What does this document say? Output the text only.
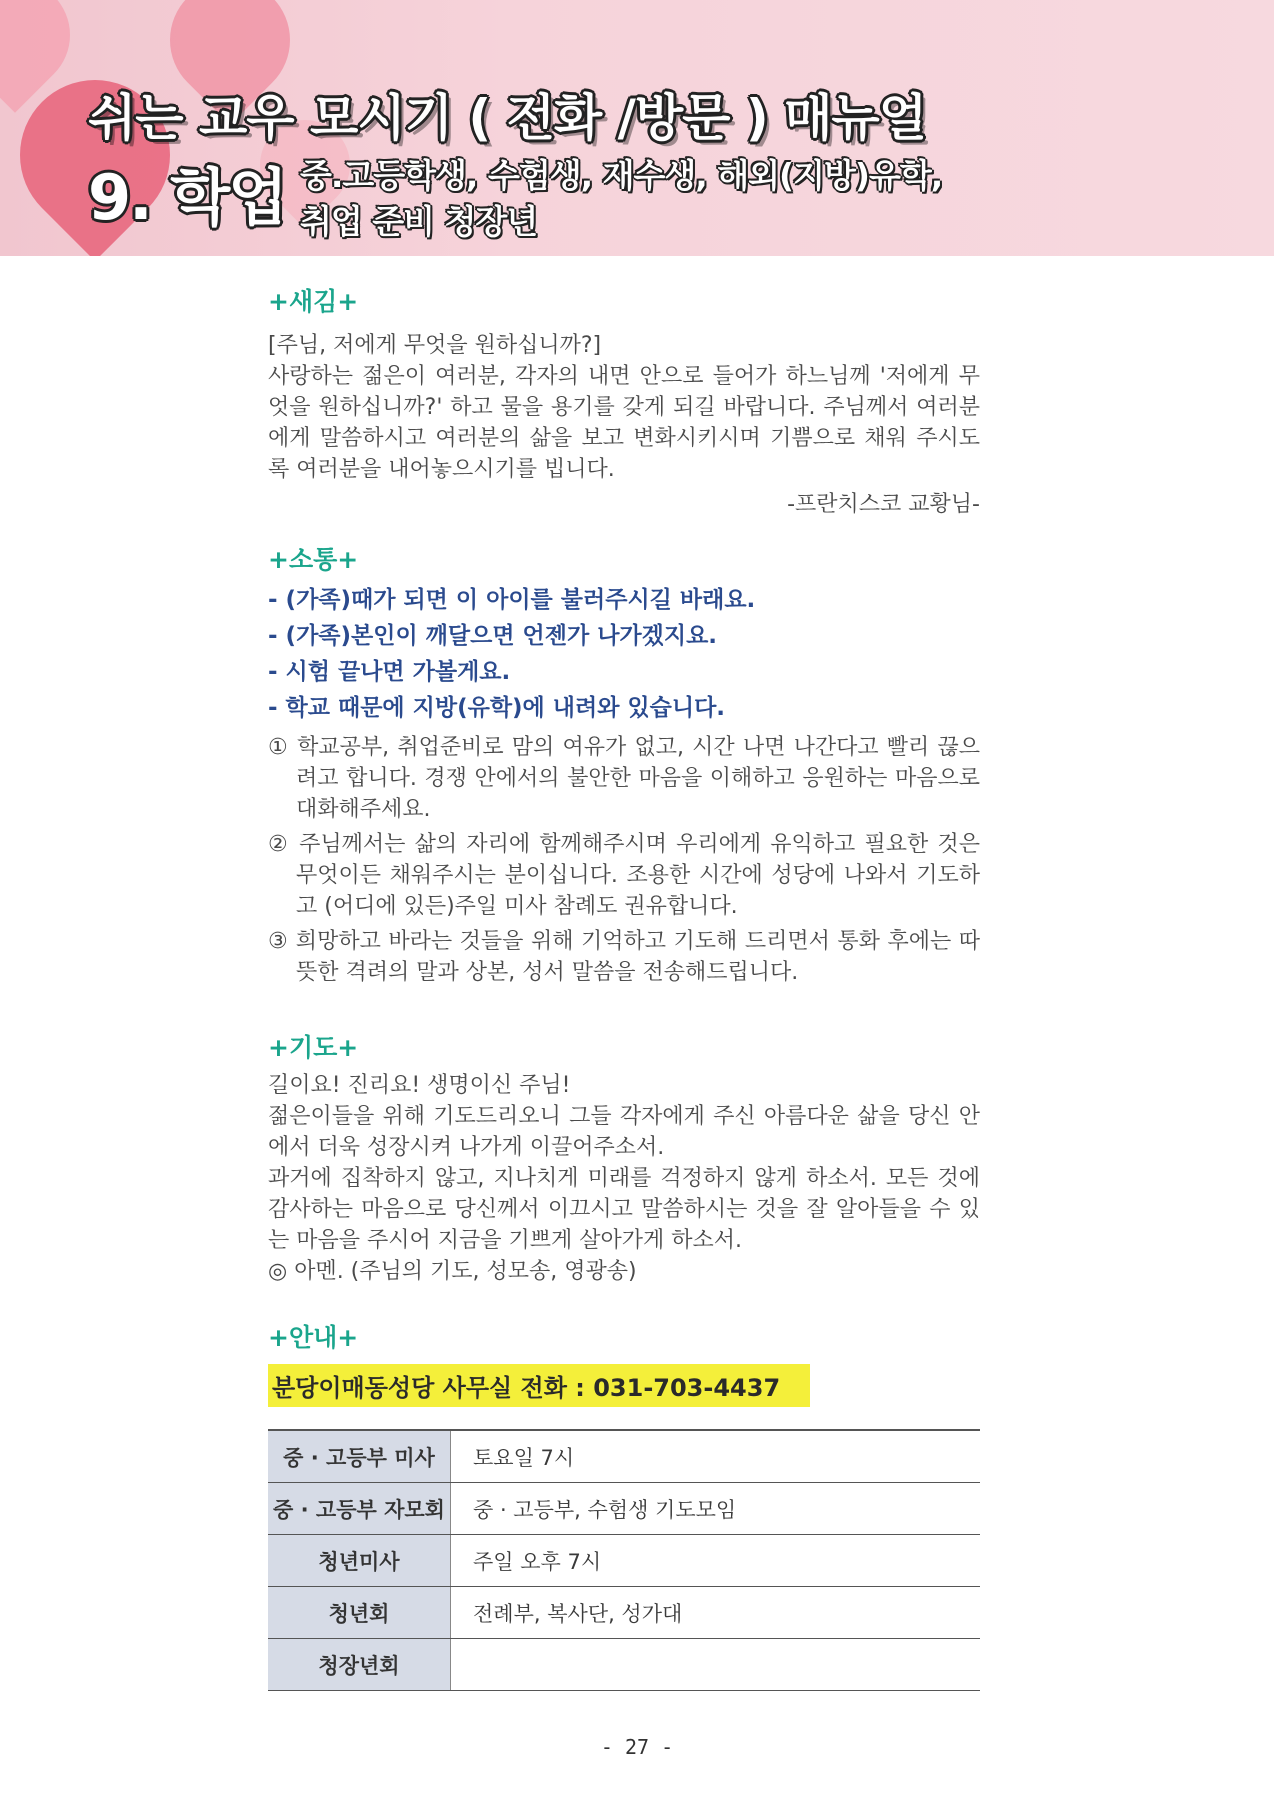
쉬는 교우 모시기 ( 전화 /방문 ) 매뉴얼
9. 학업 중.고등학생, 수험생, 재수생, 해외(지방)유학,
취업 준비 청장년
+새김+

[주님, 저에게 무엇을 원하십니까?]

사랑하는 젊은이 여러분, 각자의 내면 안으로 들어가 하느님께 '저에게 무엇을 원하십니까?' 하고 물을 용기를 갖게 되길 바랍니다. 주님께서 여러분에게 말씀하시고 여러분의 삶을 보고 변화시키시며 기쁨으로 채워 주시도록 여러분을 내어놓으시기를 빕니다.

-프란치스코 교황님-

+소통+

- (가족)때가 되면 이 아이를 불러주시길 바래요.

- (가족)본인이 깨달으면 언젠가 나가겠지요.

- 시험 끝나면 가볼게요.

- 학교 때문에 지방(유학)에 내려와 있습니다.

① 학교공부, 취업준비로 맘의 여유가 없고, 시간 나면 나간다고 빨리 끊으려고 합니다. 경쟁 안에서의 불안한 마음을 이해하고 응원하는 마음으로 대화해주세요.

② 주님께서는 삶의 자리에 함께해주시며 우리에게 유익하고 필요한 것은 무엇이든 채워주시는 분이십니다. 조용한 시간에 성당에 나와서 기도하고 (어디에 있든)주일 미사 참례도 권유합니다.

③ 희망하고 바라는 것들을 위해 기억하고 기도해 드리면서 통화 후에는 따뜻한 격려의 말과 상본, 성서 말씀을 전송해드립니다.

+기도+

길이요! 진리요! 생명이신 주님!

젊은이들을 위해 기도드리오니 그들 각자에게 주신 아름다운 삶을 당신 안에서 더욱 성장시켜 나가게 이끌어주소서.

과거에 집착하지 않고, 지나치게 미래를 걱정하지 않게 하소서. 모든 것에 감사하는 마음으로 당신께서 이끄시고 말씀하시는 것을 잘 알아들을 수 있는 마음을 주시어 지금을 기쁘게 살아가게 하소서.

◎ 아멘. (주님의 기도, 성모송, 영광송)

+안내+
분당이매동성당 사무실 전화 : 031-703-4437
중 · 고등부 미사	토요일 7시
중 · 고등부 자모회	중 · 고등부, 수험생 기도모임
청년미사	주일 오후 7시
청년회	전례부, 복사단, 성가대
청장년회	
- 27 -
